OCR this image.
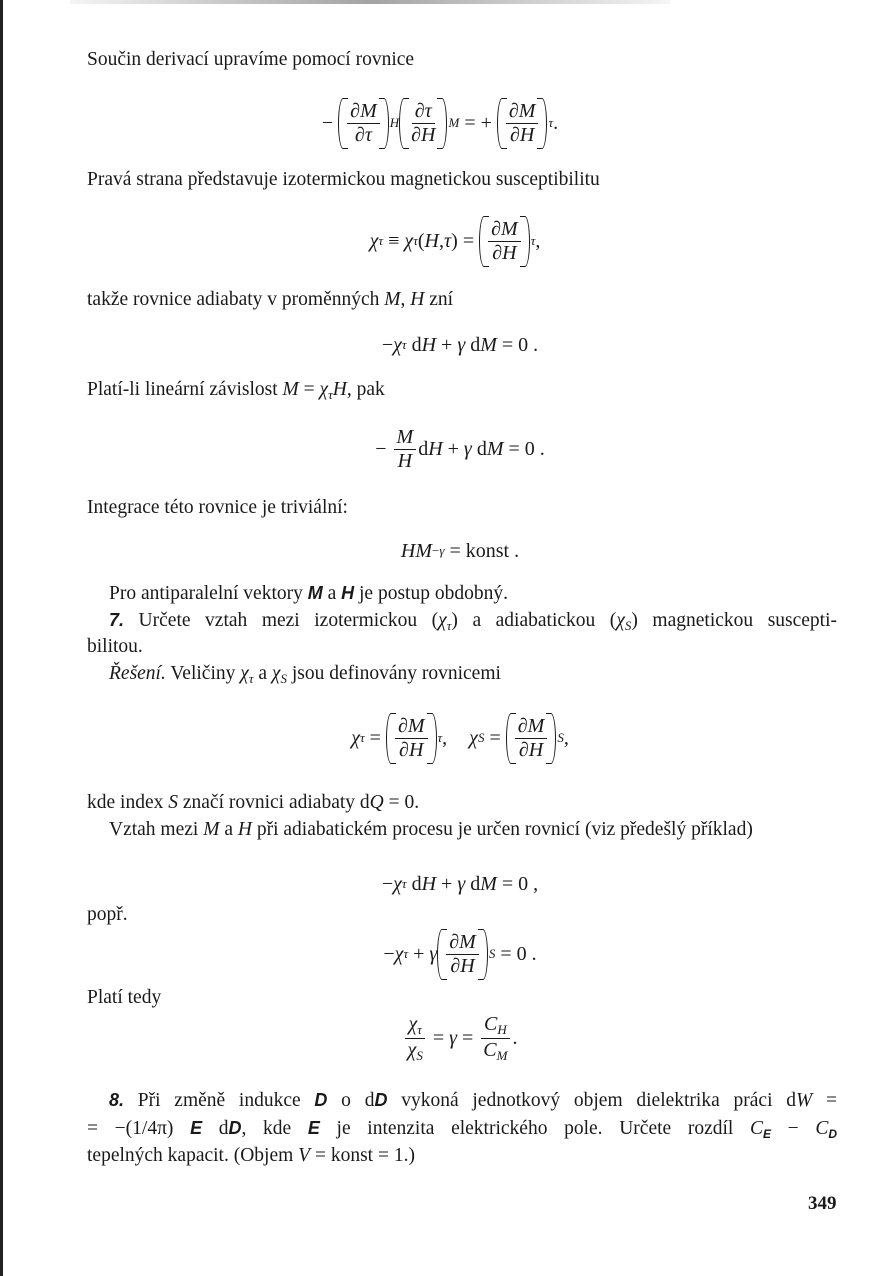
Součin derivací upravíme pomocí rovnice
− $\frac{\partial M}{\partial\tau}$ H $\frac{\partial\tau}{\partial H}$ M = + $\frac{\partial M}{\partial H}$ τ .
Pravá strana představuje izotermickou magnetickou susceptibilitu
χ τ ≡ χ τ ( H , τ ) = $\frac{\partial M}{\partial H}$ τ ,
takže rovnice adiabaty v proměnných M, H zní
− χ τ d H + γ d M = 0 .
Platí-li lineární závislost $M = \chi_\tau H$, pak
− $\frac{M}{H}$ d H + γ d M = 0 .
Integrace této rovnice je triviální:
HM −γ = konst .
Pro antiparalelní vektory M a H je postup obdobný.
7. Určete vztah mezi izotermickou $(\chi_\tau)$ a adiabatickou $(\chi_S)$ magnetickou suscepti-
bilitou.
Řešení. Veličiny $\chi_\tau$ a $\chi_S$ jsou definovány rovnicemi
χ $\tau = \frac{\partial M}{\partial H}$ τ , χ $S = \frac{\partial M}{\partial H}$ S ,
kde index S značí rovnici adiabaty dQ = 0.
Vztah mezi M a H při adiabatickém procesu je určen rovnicí (viz předešlý příklad)
− χ τ d H + γ d M = 0 ,
popř.
− χ τ + γ $\frac{\partial M}{\partial H}$ S = 0 .
Platí tedy
$\frac{\chi_\tau}{\chi_S} = \gamma = \frac{C_H}{C_M}$ .
8. Při změně indukce D o dD vykoná jednotkový objem dielektrika práci dW =
= −(1/4π) E dD, kde E je intenzita elektrického pole. Určete rozdíl $C_E - C_D$
tepelných kapacit. (Objem V = konst = 1.)
349
